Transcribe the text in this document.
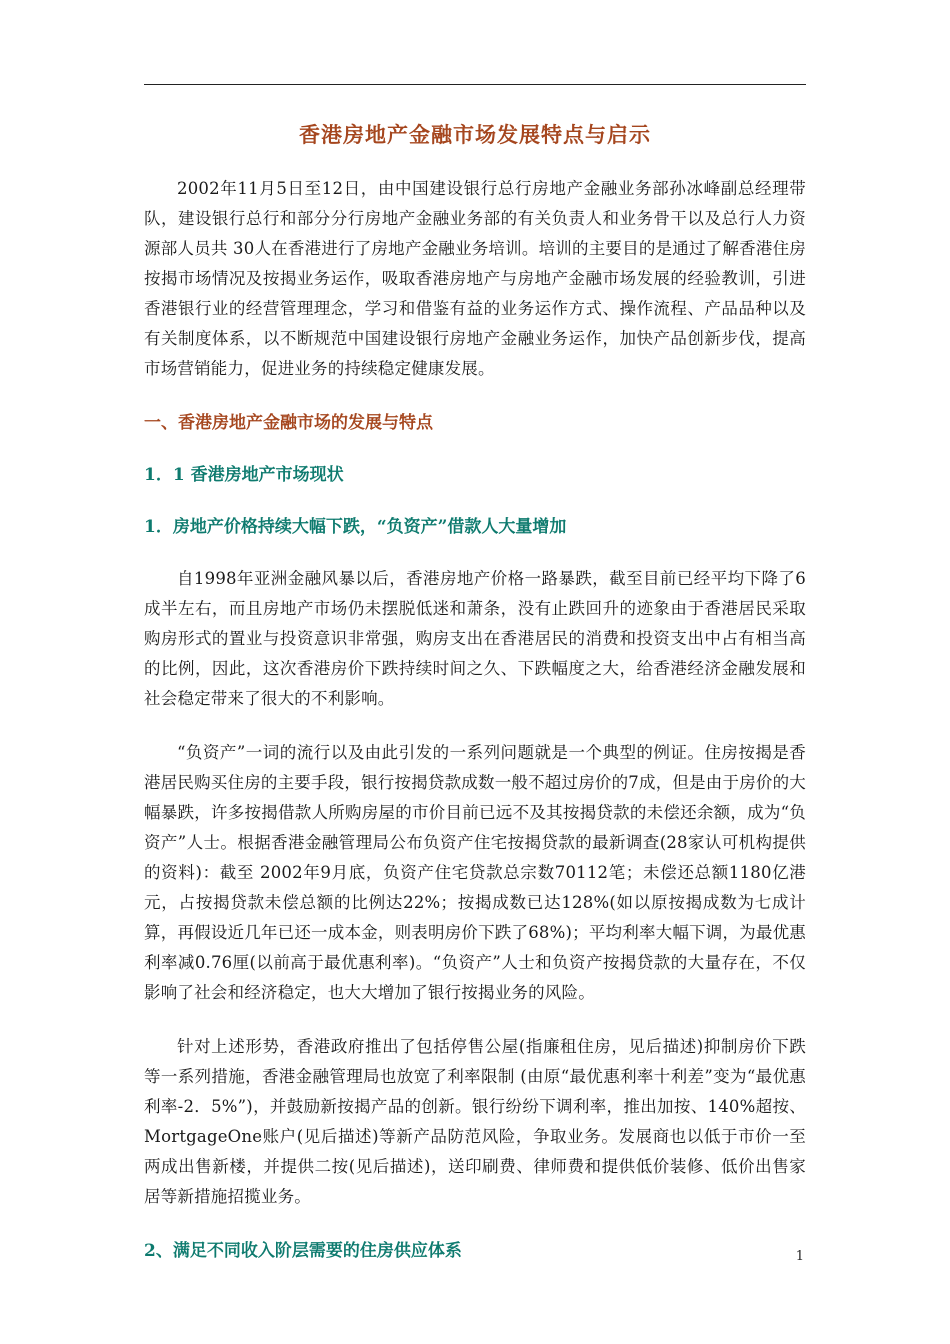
香港房地产金融市场发展特点与启示

2002年11月5日至12日，由中国建设银行总行房地产金融业务部孙冰峰副总经理带队，建设银行总行和部分分行房地产金融业务部的有关负责人和业务骨干以及总行人力资源部人员共 30人在香港进行了房地产金融业务培训。培训的主要目的是通过了解香港住房按揭市场情况及按揭业务运作，吸取香港房地产与房地产金融市场发展的经验教训，引进香港银行业的经营管理理念，学习和借鉴有益的业务运作方式、操作流程、产品品种以及有关制度体系，以不断规范中国建设银行房地产金融业务运作，加快产品创新步伐，提高市场营销能力，促进业务的持续稳定健康发展。

一、香港房地产金融市场的发展与特点
1．1 香港房地产市场现状
1．房地产价格持续大幅下跌，“负资产”借款人大量增加

自1998年亚洲金融风暴以后，香港房地产价格一路暴跌，截至目前已经平均下降了6成半左右，而且房地产市场仍未摆脱低迷和萧条，没有止跌回升的迹象由于香港居民采取购房形式的置业与投资意识非常强，购房支出在香港居民的消费和投资支出中占有相当高的比例，因此，这次香港房价下跌持续时间之久、下跌幅度之大，给香港经济金融发展和社会稳定带来了很大的不利影响。

“负资产”一词的流行以及由此引发的一系列问题就是一个典型的例证。住房按揭是香港居民购买住房的主要手段，银行按揭贷款成数一般不超过房价的7成，但是由于房价的大幅暴跌，许多按揭借款人所购房屋的市价目前已远不及其按揭贷款的未偿还余额，成为“负资产”人士。根据香港金融管理局公布负资产住宅按揭贷款的最新调查(28家认可机构提供的资料)：截至 2002年9月底，负资产住宅贷款总宗数70112笔；未偿还总额1180亿港元，占按揭贷款未偿总额的比例达22%；按揭成数已达128%(如以原按揭成数为七成计算，再假设近几年已还一成本金，则表明房价下跌了68%)；平均利率大幅下调，为最优惠利率减0.76厘(以前高于最优惠利率)。“负资产”人士和负资产按揭贷款的大量存在，不仅影响了社会和经济稳定，也大大增加了银行按揭业务的风险。

针对上述形势，香港政府推出了包括停售公屋(指廉租住房，见后描述)抑制房价下跌等一系列措施，香港金融管理局也放宽了利率限制 (由原“最优惠利率十利差”变为“最优惠利率-2．5%”)，并鼓励新按揭产品的创新。银行纷纷下调利率，推出加按、140%超按、MortgageOne账户(见后描述)等新产品防范风险，争取业务。发展商也以低于市价一至两成出售新楼，并提供二按(见后描述)，送印刷费、律师费和提供低价装修、低价出售家居等新措施招揽业务。

2、满足不同收入阶层需要的住房供应体系	1
